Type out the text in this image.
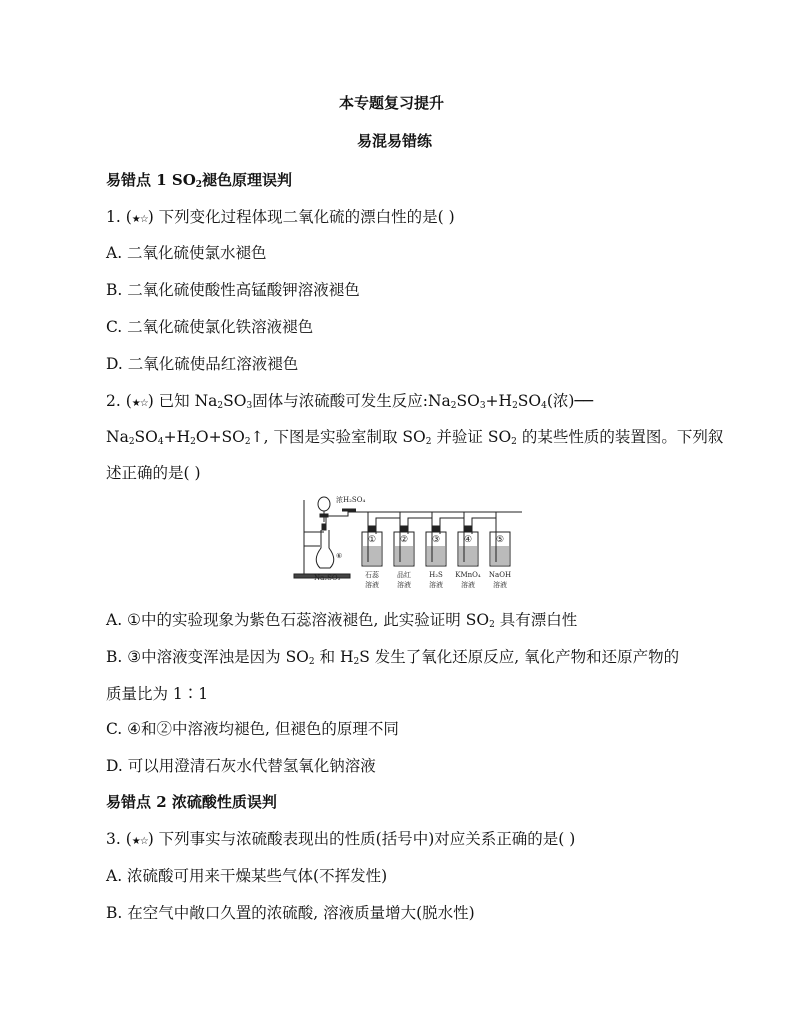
本专题复习提升
易混易错练
易错点 1 $SO_2$褪色原理误判
1. (★☆) 下列变化过程体现二氧化硫的漂白性的是( )
A. 二氧化硫使氯水褪色
B. 二氧化硫使酸性高锰酸钾溶液褪色
C. 二氧化硫使氯化铁溶液褪色
D. 二氧化硫使品红溶液褪色
2. (★☆) 已知 $Na_2SO_3$固体与浓硫酸可发生反应$:Na_2SO_3+H_2SO_4$(浓)──
$Na_2SO_4+H_2O+SO_2↑$, 下图是实验室制取 $SO_2$ 并验证 $SO_2$ 的某些性质的装置图。下列叙
述正确的是( )
浓H₂SO₄
⑥
Na₂SO₃
①
石蕊
溶液
②
品红
溶液
③
H₂S
溶液
④
KMnO₄
溶液
⑤
NaOH
溶液
A. ①中的实验现象为紫色石蕊溶液褪色, 此实验证明 $SO_2$ 具有漂白性
B. ③中溶液变浑浊是因为 $SO_2$ 和 $H_2S$ 发生了氧化还原反应, 氧化产物和还原产物的
质量比为 1∶1
C. ④和②中溶液均褪色, 但褪色的原理不同
D. 可以用澄清石灰水代替氢氧化钠溶液
易错点 2 浓硫酸性质误判
3. (★☆) 下列事实与浓硫酸表现出的性质(括号中)对应关系正确的是( )
A. 浓硫酸可用来干燥某些气体(不挥发性)
B. 在空气中敞口久置的浓硫酸, 溶液质量增大(脱水性)
